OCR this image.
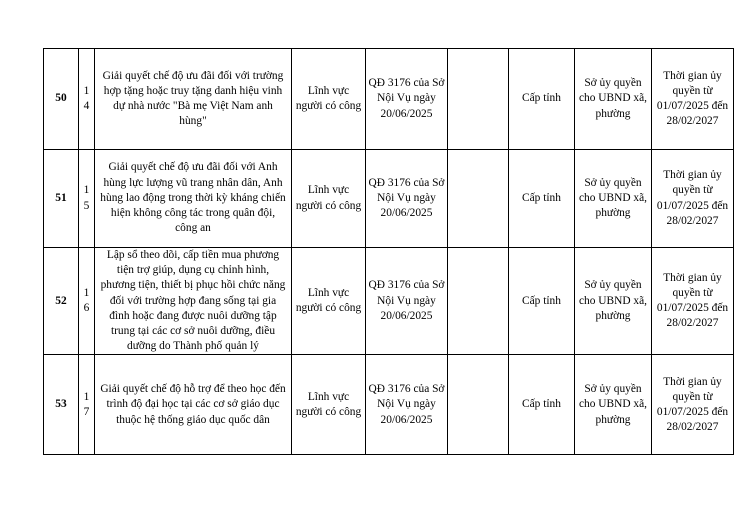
50	14	Giải quyết chế độ ưu đãi đối với trường hợp tặng hoặc truy tặng danh hiệu vinh dự nhà nước "Bà mẹ Việt Nam anh hùng"	Lĩnh vực người có công	QĐ 3176 của Sở Nội Vụ ngày 20/06/2025		Cấp tỉnh	Sở ủy quyền cho UBND xã, phường	Thời gian ủy quyền từ 01/07/2025 đến 28/02/2027
51	15	Giải quyết chế độ ưu đãi đối với Anh hùng lực lượng vũ trang nhân dân, Anh hùng lao động trong thời kỳ kháng chiến hiện không công tác trong quân đội, công an	Lĩnh vực người có công	QĐ 3176 của Sở Nội Vụ ngày 20/06/2025		Cấp tỉnh	Sở ủy quyền cho UBND xã, phường	Thời gian ủy quyền từ 01/07/2025 đến 28/02/2027
52	16	Lập sổ theo dõi, cấp tiền mua phương tiện trợ giúp, dụng cụ chỉnh hình, phương tiện, thiết bị phục hồi chức năng đối với trường hợp đang sống tại gia đình hoặc đang được nuôi dưỡng tập trung tại các cơ sở nuôi dưỡng, điều dưỡng do Thành phố quản lý	Lĩnh vực người có công	QĐ 3176 của Sở Nội Vụ ngày 20/06/2025		Cấp tỉnh	Sở ủy quyền cho UBND xã, phường	Thời gian ủy quyền từ 01/07/2025 đến 28/02/2027
53	17	Giải quyết chế độ hỗ trợ để theo học đến trình độ đại học tại các cơ sở giáo dục thuộc hệ thống giáo dục quốc dân	Lĩnh vực người có công	QĐ 3176 của Sở Nội Vụ ngày 20/06/2025		Cấp tỉnh	Sở ủy quyền cho UBND xã, phường	Thời gian ủy quyền từ 01/07/2025 đến 28/02/2027
